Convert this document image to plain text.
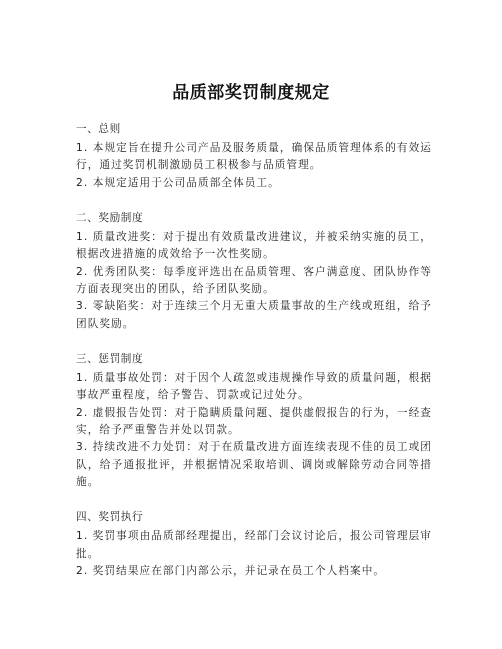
品质部奖罚制度规定
一、总则

1. 本规定旨在提升公司产品及服务质量，确保品质管理体系的有效运行，通过奖罚机制激励员工积极参与品质管理。

2. 本规定适用于公司品质部全体员工。

二、奖励制度

1. 质量改进奖：对于提出有效质量改进建议，并被采纳实施的员工，根据改进措施的成效给予一次性奖励。

2. 优秀团队奖：每季度评选出在品质管理、客户满意度、团队协作等方面表现突出的团队，给予团队奖励。

3. 零缺陷奖：对于连续三个月无重大质量事故的生产线或班组，给予团队奖励。

三、惩罚制度

1. 质量事故处罚：对于因个人疏忽或违规操作导致的质量问题，根据事故严重程度，给予警告、罚款或记过处分。

2. 虚假报告处罚：对于隐瞒质量问题、提供虚假报告的行为，一经查实，给予严重警告并处以罚款。

3. 持续改进不力处罚：对于在质量改进方面连续表现不佳的员工或团队，给予通报批评，并根据情况采取培训、调岗或解除劳动合同等措施。

四、奖罚执行

1. 奖罚事项由品质部经理提出，经部门会议讨论后，报公司管理层审批。

2. 奖罚结果应在部门内部公示，并记录在员工个人档案中。
